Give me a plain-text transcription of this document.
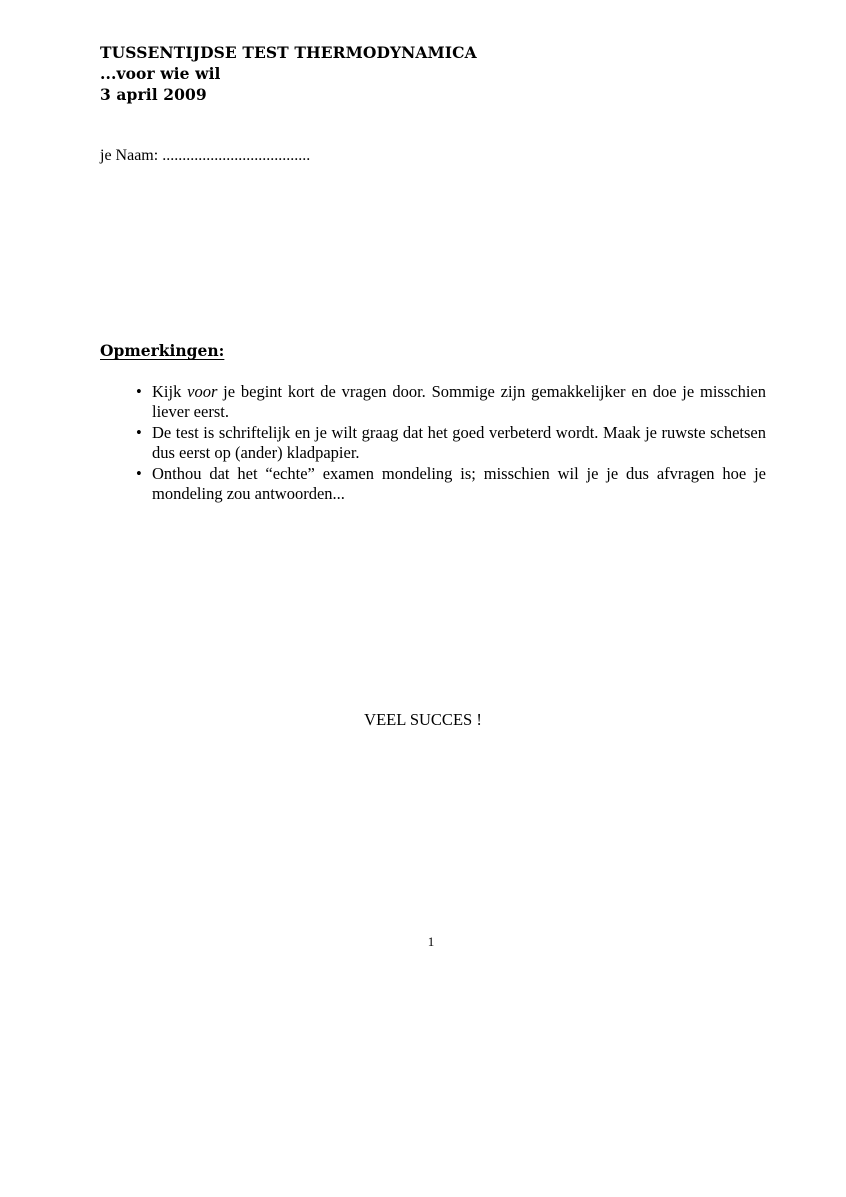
TUSSENTIJDSE TEST THERMODYNAMICA
...voor wie wil
3 april 2009
je Naam: .....................................
Opmerkingen:
• Kijk voor je begint kort de vragen door. Sommige zijn gemakkelijker en doe je misschien liever eerst.
• De test is schriftelijk en je wilt graag dat het goed verbeterd wordt. Maak je ruwste schetsen dus eerst op (ander) kladpapier.
• Onthou dat het “echte” examen mondeling is; misschien wil je je dus afvragen hoe je mondeling zou antwoorden...
VEEL SUCCES !
1
